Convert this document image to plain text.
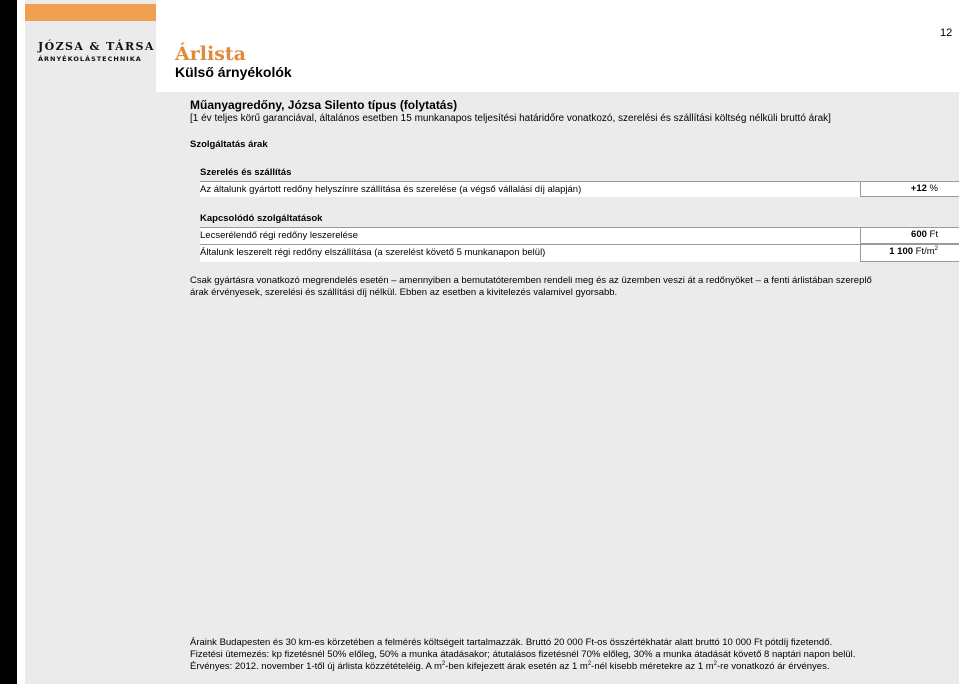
JÓZSA & TÁRSA
ÁRNYÉKOLÁSTECHNIKA Árlista
Külső árnyékolók
12
Műanyagredőny, Józsa Silento típus (folytatás)
[1 év teljes körű garanciával, általános esetben 15 munkanapos teljesítési határidőre vonatkozó, szerelési és szállítási költség nélküli bruttó árak]
Szolgáltatás árak
Szerelés és szállítás
Az általunk gyártott redőny helyszínre szállítása és szerelése (a végső vállalási díj alapján)	+12 %
Kapcsolódó szolgáltatások
Lecserélendő régi redőny leszerelése	600 Ft
Általunk leszerelt régi redőny elszállítása (a szerelést követő 5 munkanapon belül)	1 100 $Ft/m^2$
Csak gyártásra vonatkozó megrendelés esetén – amennyiben a bemutatóteremben rendeli meg és az üzemben veszi át a redőnyöket – a fenti árlistában szereplő
árak érvényesek, szerelési és szállítási díj nélkül. Ebben az esetben a kivitelezés valamivel gyorsabb.
Áraink Budapesten és 30 km-es körzetében a felmérés költségeit tartalmazzák. Bruttó 20 000 Ft-os összértékhatár alatt bruttó 10 000 Ft pótdíj fizetendő.
Fizetési ütemezés: kp fizetésnél 50% előleg, 50% a munka átadásakor; átutalásos fizetésnél 70% előleg, 30% a munka átadását követő 8 naptári napon belül.
Érvényes: 2012. november 1-től új árlista közzétételéig. A $m^2$-ben kifejezett árak esetén az 1 $m^2$-nél kisebb méretekre az 1 $m^2-re$ vonatkozó ár érvényes.
